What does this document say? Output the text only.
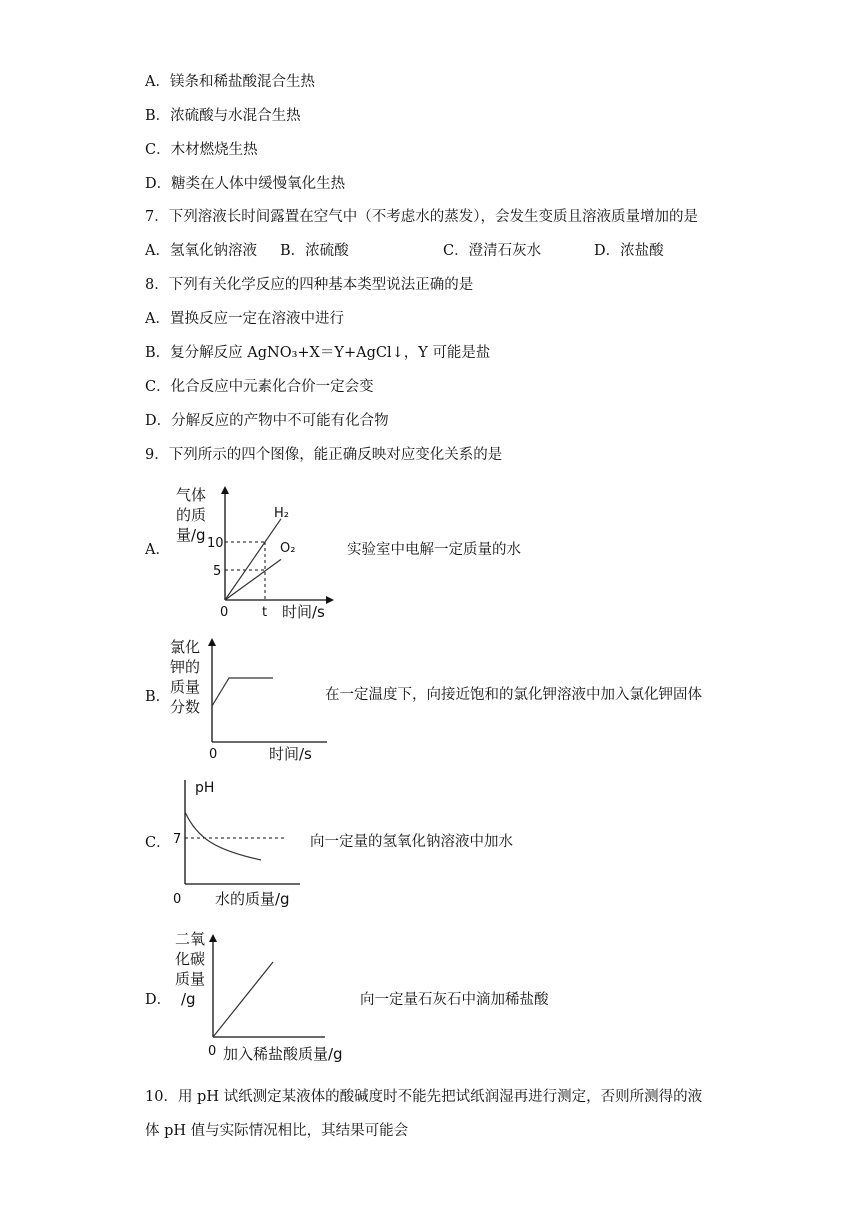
A．镁条和稀盐酸混合生热
B．浓硫酸与水混合生热
C．木材燃烧生热
D．糖类在人体中缓慢氧化生热
7．下列溶液长时间露置在空气中（不考虑水的蒸发），会发生变质且溶液质量增加的是
A．氢氧化钠溶液 B．浓硫酸	C．澄清石灰水	D．浓盐酸
8．下列有关化学反应的四种基本类型说法正确的是
A．置换反应一定在溶液中进行
B．复分解反应 AgNO₃+X＝Y+AgCl↓，Y 可能是盐
C．化合反应中元素化合价一定会变
D．分解反应的产物中不可能有化合物
9．下列所示的四个图像，能正确反映对应变化关系的是
A．
气体
的质
量/g 10
5
0	t 时间/s
H₂
O₂	实验室中电解一定质量的水
B．
氯化
钾的
质量
分数
0	时间/s
在一定温度下，向接近饱和的氯化钾溶液中加入氯化钾固体
C．
pH
7
0 水的质量/g
向一定量的氢氧化钠溶液中加水
D．
二氧
化碳
质量
/g
0 加入稀盐酸质量/g
向一定量石灰石中滴加稀盐酸
10．用 pH 试纸测定某液体的酸碱度时不能先把试纸润湿再进行测定，否则所测得的液
体 pH 值与实际情况相比，其结果可能会
